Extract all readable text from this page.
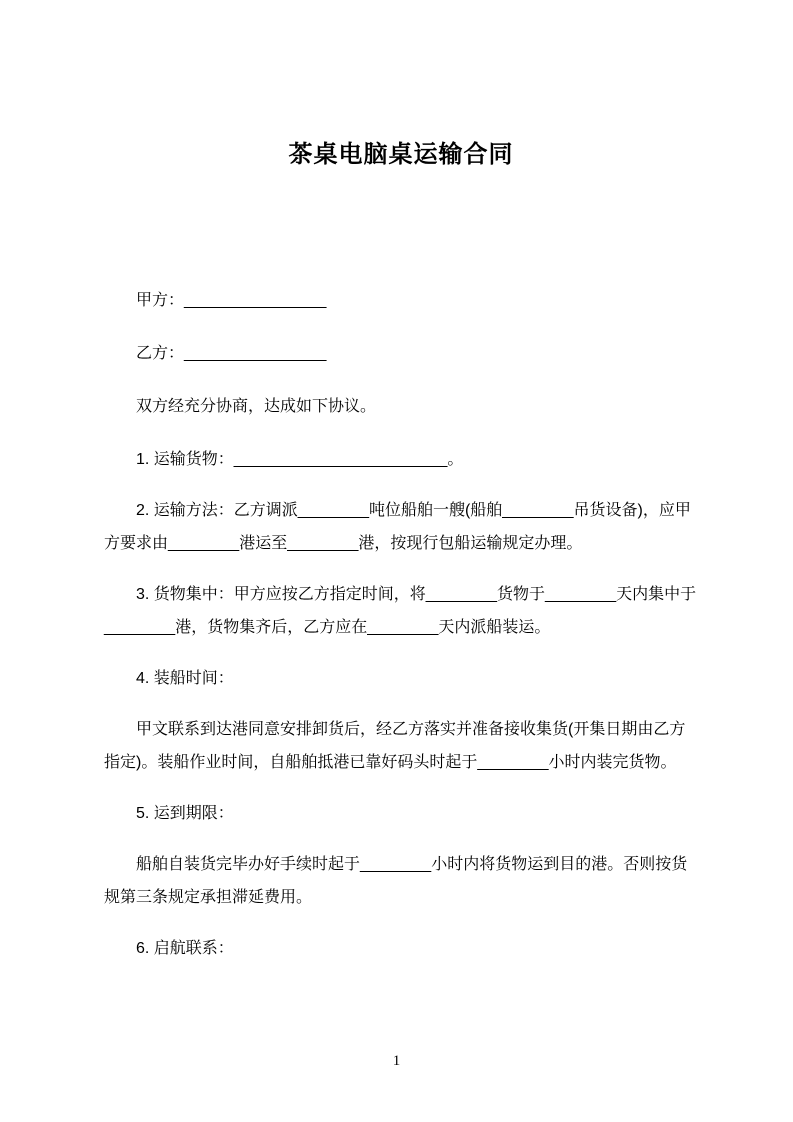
茶桌电脑桌运输合同

甲方：________________

乙方：________________

双方经充分协商，达成如下协议。

1. 运输货物：________________________。

2. 运输方法：乙方调派________吨位船舶一艘(船舶________吊货设备)，应甲方要求由________港运至________港，按现行包船运输规定办理。

3. 货物集中：甲方应按乙方指定时间，将________货物于________天内集中于________港，货物集齐后，乙方应在________天内派船装运。

4. 装船时间：

甲文联系到达港同意安排卸货后，经乙方落实并准备接收集货(开集日期由乙方指定)。装船作业时间，自船舶抵港已靠好码头时起于________小时内装完货物。

5. 运到期限：

船舶自装货完毕办好手续时起于________小时内将货物运到目的港。否则按货规第三条规定承担滞延费用。

6. 启航联系：

1
